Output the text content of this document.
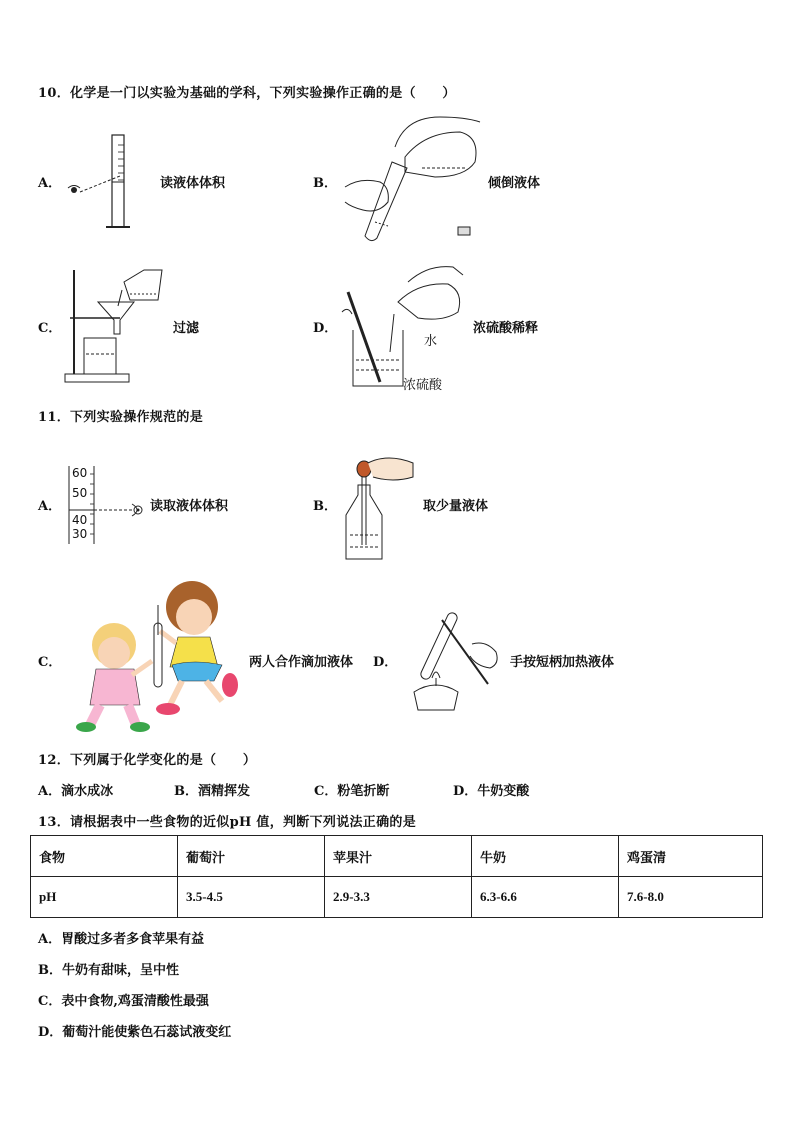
10．化学是一门以实验为基础的学科，下列实验操作正确的是（　　）
A．	读液体体积	B．	倾倒液体
C．	过滤	D．
水
浓硫酸
浓硫酸稀释
11．下列实验操作规范的是
A．
60
50
40
30
读取液体体积	B．	取少量液体
C．	两人合作滴加液体 D．	手按短柄加热液体
12．下列属于化学变化的是（　　）
A．滴水成冰	B．酒精挥发	C．粉笔折断	D．牛奶变酸
13．请根据表中一些食物的近似pH 值，判断下列说法正确的是
食物	葡萄汁	苹果汁	牛奶	鸡蛋清
pH	3.5-4.5	2.9-3.3	6.3-6.6	7.6-8.0
A．胃酸过多者多食苹果有益
B．牛奶有甜味，呈中性
C．表中食物,鸡蛋清酸性最强
D．葡萄汁能使紫色石蕊试液变红
